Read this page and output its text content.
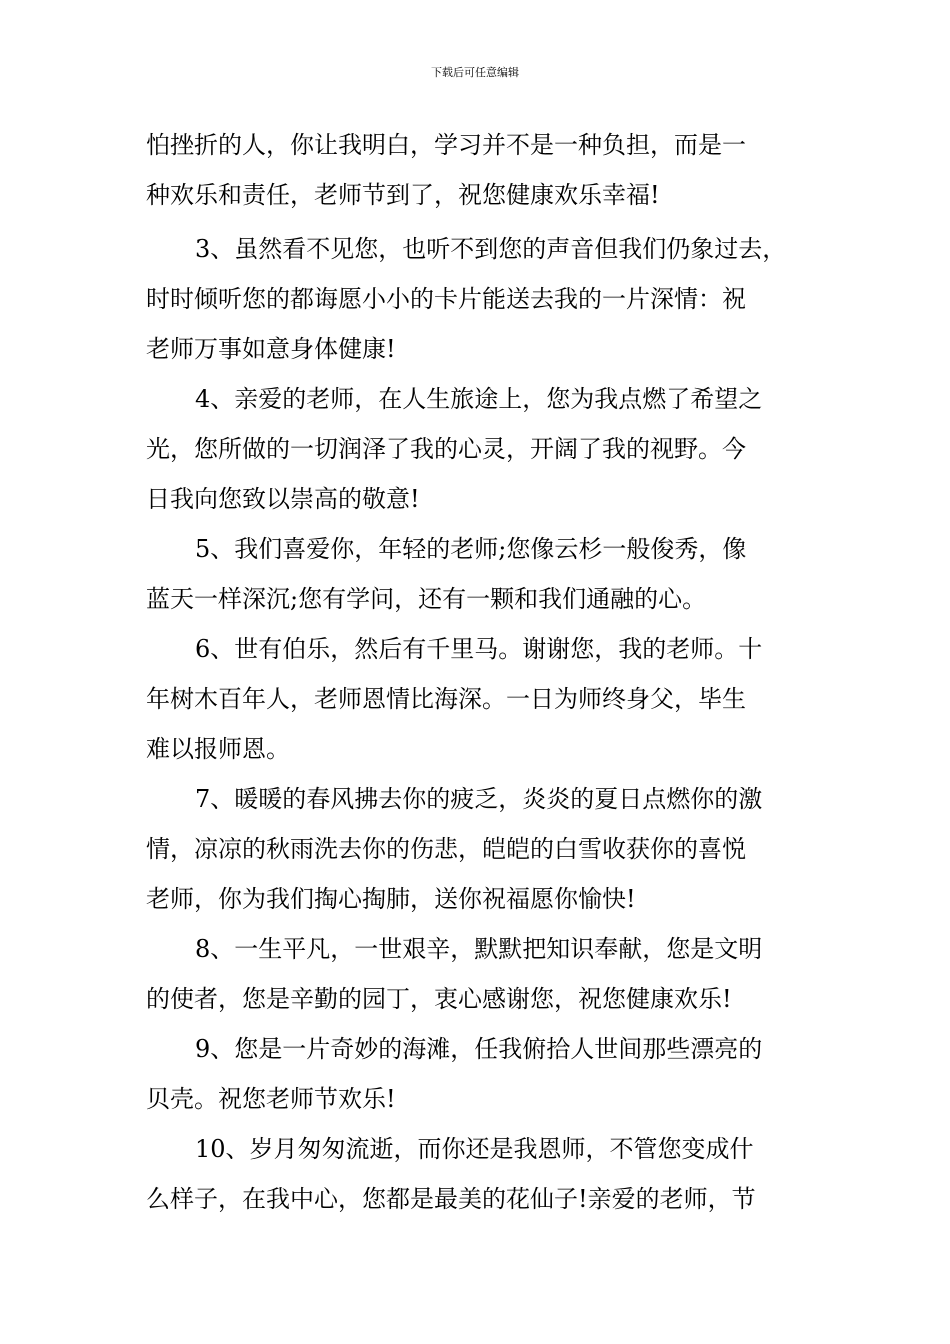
下载后可任意编辑
怕挫折的人，你让我明白，学习并不是一种负担，而是一
种欢乐和责任，老师节到了，祝您健康欢乐幸福!
3、虽然看不见您，也听不到您的声音但我们仍象过去，
时时倾听您的都诲愿小小的卡片能送去我的一片深情：祝
老师万事如意身体健康!
4、亲爱的老师，在人生旅途上，您为我点燃了希望之
光，您所做的一切润泽了我的心灵，开阔了我的视野。今
日我向您致以崇高的敬意!
5、我们喜爱你，年轻的老师;您像云杉一般俊秀，像
蓝天一样深沉;您有学问，还有一颗和我们通融的心。
6、世有伯乐，然后有千里马。谢谢您，我的老师。十
年树木百年人，老师恩情比海深。一日为师终身父，毕生
难以报师恩。
7、暖暖的春风拂去你的疲乏，炎炎的夏日点燃你的激
情，凉凉的秋雨洗去你的伤悲，皑皑的白雪收获你的喜悦
老师，你为我们掏心掏肺，送你祝福愿你愉快!
8、一生平凡，一世艰辛，默默把知识奉献，您是文明
的使者，您是辛勤的园丁，衷心感谢您，祝您健康欢乐!
9、您是一片奇妙的海滩，任我俯拾人世间那些漂亮的
贝壳。祝您老师节欢乐!
10、岁月匆匆流逝，而你还是我恩师，不管您变成什
么样子，在我中心，您都是最美的花仙子!亲爱的老师，节
